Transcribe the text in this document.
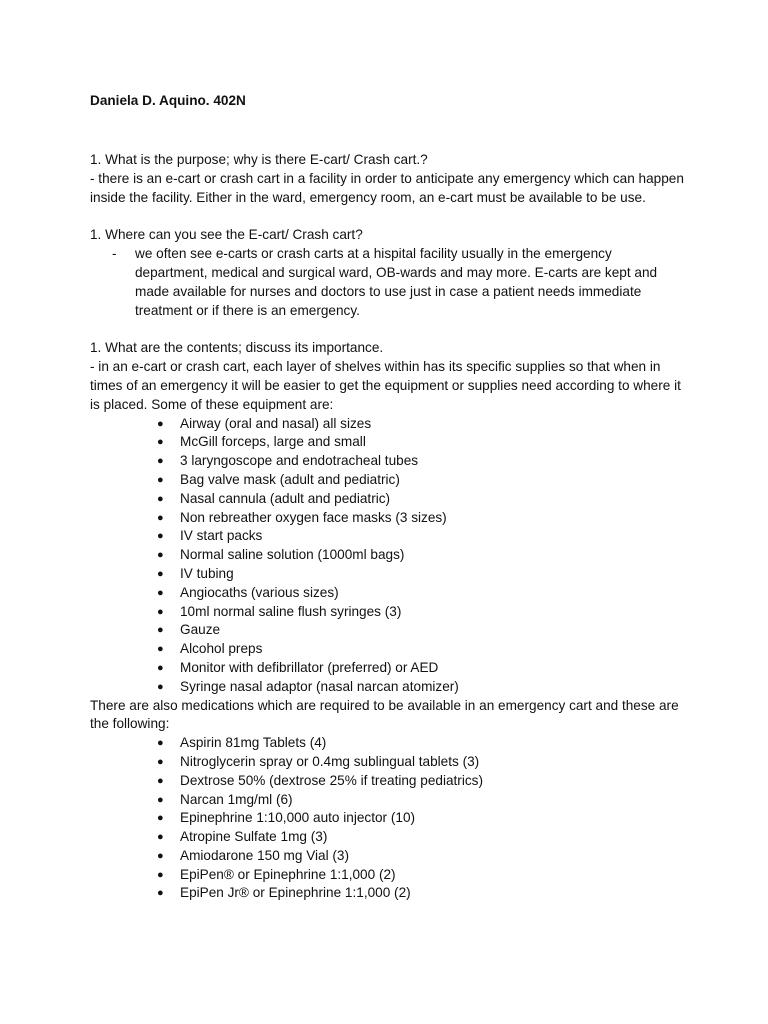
Daniela D. Aquino. 402N

1. What is the purpose; why is there E-cart/ Crash cart.?

- there is an e-cart or crash cart in a facility in order to anticipate any emergency which can happen inside the facility. Either in the ward, emergency room, an e-cart must be available to be use.

1. Where can you see the E-cart/ Crash cart?

- we often see e-carts or crash carts at a hispital facility usually in the emergency department, medical and surgical ward, OB-wards and may more. E-carts are kept and made available for nurses and doctors to use just in case a patient needs immediate treatment or if there is an emergency.

1. What are the contents; discuss its importance.

- in an e-cart or crash cart, each layer of shelves within has its specific supplies so that when in times of an emergency it will be easier to get the equipment or supplies need according to where it is placed. Some of these equipment are:

● Airway (oral and nasal) all sizes
● McGill forceps, large and small
● 3 laryngoscope and endotracheal tubes
● Bag valve mask (adult and pediatric)
● Nasal cannula (adult and pediatric)
● Non rebreather oxygen face masks (3 sizes)
● IV start packs
● Normal saline solution (1000ml bags)
● IV tubing
● Angiocaths (various sizes)
● 10ml normal saline flush syringes (3)
● Gauze
● Alcohol preps
● Monitor with defibrillator (preferred) or AED
● Syringe nasal adaptor (nasal narcan atomizer)

There are also medications which are required to be available in an emergency cart and these are the following:

● Aspirin 81mg Tablets (4)
● Nitroglycerin spray or 0.4mg sublingual tablets (3)
● Dextrose 50% (dextrose 25% if treating pediatrics)
● Narcan 1mg/ml (6)
● Epinephrine 1:10,000 auto injector (10)
● Atropine Sulfate 1mg (3)
● Amiodarone 150 mg Vial (3)
● EpiPen® or Epinephrine 1:1,000 (2)
● EpiPen Jr® or Epinephrine 1:1,000 (2)
